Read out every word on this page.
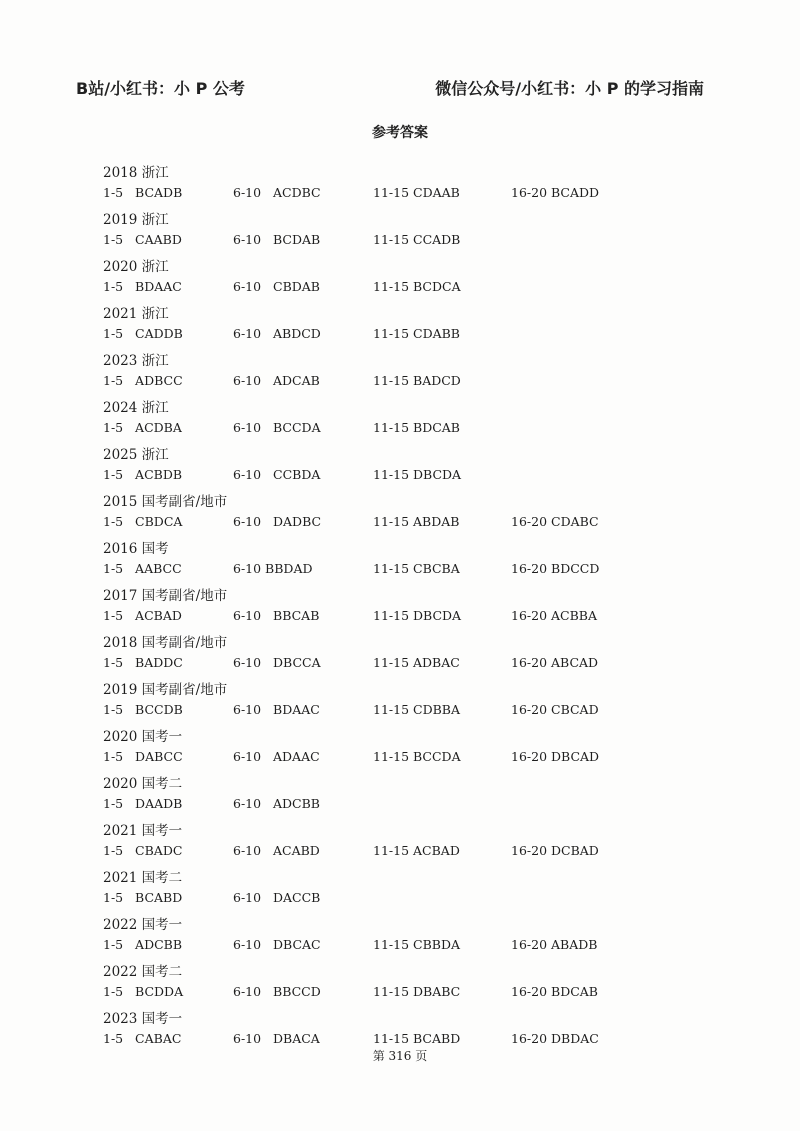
B站/小红书：小 P 公考	微信公众号/小红书：小 P 的学习指南
参考答案
2018 浙江
1-5   BCADB	6-10   ACDBC	11-15 CDAAB	16-20 BCADD
2019 浙江
1-5   CAABD	6-10   BCDAB	11-15 CCADB
2020 浙江
1-5   BDAAC	6-10   CBDAB	11-15 BCDCA
2021 浙江
1-5   CADDB	6-10   ABDCD	11-15 CDABB
2023 浙江
1-5   ADBCC	6-10   ADCAB	11-15 BADCD
2024 浙江
1-5   ACDBA	6-10   BCCDA	11-15 BDCAB
2025 浙江
1-5   ACBDB	6-10   CCBDA	11-15 DBCDA
2015 国考副省/地市
1-5   CBDCA	6-10   DADBC	11-15 ABDAB	16-20 CDABC
2016 国考
1-5   AABCC	6-10 BBDAD	11-15 CBCBA	16-20 BDCCD
2017 国考副省/地市
1-5   ACBAD	6-10   BBCAB	11-15 DBCDA	16-20 ACBBA
2018 国考副省/地市
1-5   BADDC	6-10   DBCCA	11-15 ADBAC	16-20 ABCAD
2019 国考副省/地市
1-5   BCCDB	6-10   BDAAC	11-15 CDBBA	16-20 CBCAD
2020 国考一
1-5   DABCC	6-10   ADAAC	11-15 BCCDA	16-20 DBCAD
2020 国考二
1-5   DAADB	6-10   ADCBB
2021 国考一
1-5   CBADC	6-10   ACABD	11-15 ACBAD	16-20 DCBAD
2021 国考二
1-5   BCABD	6-10   DACCB
2022 国考一
1-5   ADCBB	6-10   DBCAC	11-15 CBBDA	16-20 ABADB
2022 国考二
1-5   BCDDA	6-10   BBCCD	11-15 DBABC	16-20 BDCAB
2023 国考一
1-5   CABAC	6-10   DBACA	11-15 BCABD	16-20 DBDAC
第 316 页
